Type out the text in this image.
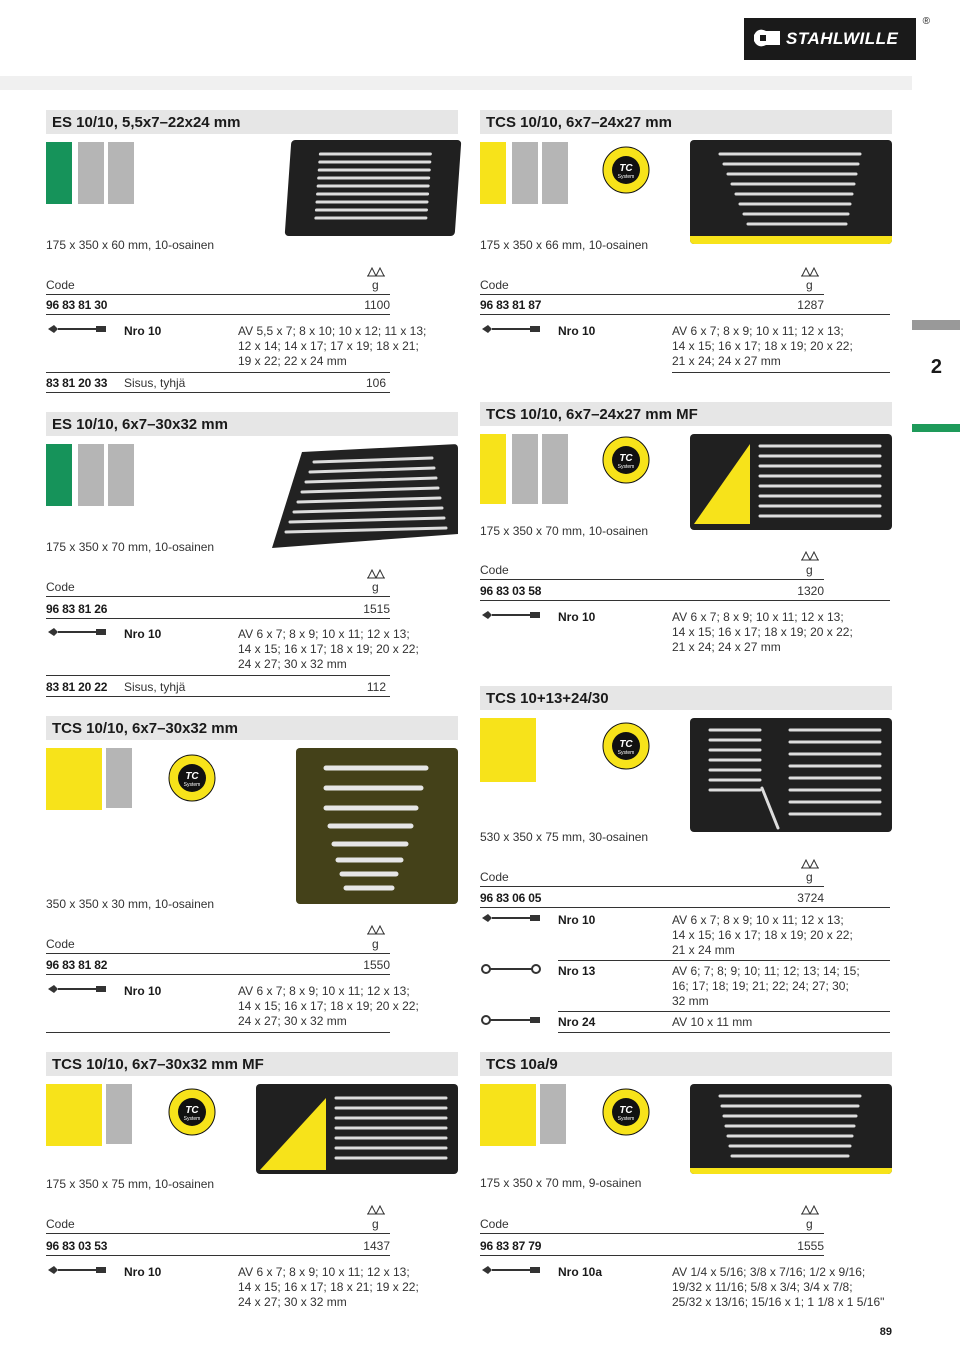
STAHLWILLE
®
2
ES 10/10, 5,5x7–22x24 mm
175 x 350 x 60 mm, 10-osainen
Code	g
96 83 81 30	1100
Nro 10	AV 5,5 x 7; 8 x 10; 10 x 12; 11 x 13;
12 x 14; 14 x 17; 17 x 19; 18 x 21;
19 x 22; 22 x 24 mm
83 81 20 33 Sisus, tyhjä	106
ES 10/10, 6x7–30x32 mm
175 x 350 x 70 mm, 10-osainen
Code	g
96 83 81 26	1515
Nro 10	AV 6 x 7; 8 x 9; 10 x 11; 12 x 13;
14 x 15; 16 x 17; 18 x 19; 20 x 22;
24 x 27; 30 x 32 mm
83 81 20 22 Sisus, tyhjä	112
TCS 10/10, 6x7–30x32 mm
TC
System
350 x 350 x 30 mm, 10-osainen
Code	g
96 83 81 82	1550
Nro 10	AV 6 x 7; 8 x 9; 10 x 11; 12 x 13;
14 x 15; 16 x 17; 18 x 19; 20 x 22;
24 x 27; 30 x 32 mm
TCS 10/10, 6x7–30x32 mm MF
TC
System
175 x 350 x 75 mm, 10-osainen
Code	g
96 83 03 53	1437
Nro 10	AV 6 x 7; 8 x 9; 10 x 11; 12 x 13;
14 x 15; 16 x 17; 18 x 21; 19 x 22;
24 x 27; 30 x 32 mm
TCS 10/10, 6x7–24x27 mm
TC
System
175 x 350 x 66 mm, 10-osainen
Code	g
96 83 81 87	1287
Nro 10	AV 6 x 7; 8 x 9; 10 x 11; 12 x 13;
14 x 15; 16 x 17; 18 x 19; 20 x 22;
21 x 24; 24 x 27 mm
TCS 10/10, 6x7–24x27 mm MF
TC
System
175 x 350 x 70 mm, 10-osainen
Code	g
96 83 03 58	1320
Nro 10	AV 6 x 7; 8 x 9; 10 x 11; 12 x 13;
14 x 15; 16 x 17; 18 x 19; 20 x 22;
21 x 24; 24 x 27 mm
TCS 10+13+24/30
TC
System
530 x 350 x 75 mm, 30-osainen
Code	g
96 83 06 05	3724
Nro 10	AV 6 x 7; 8 x 9; 10 x 11; 12 x 13;
14 x 15; 16 x 17; 18 x 19; 20 x 22;
21 x 24 mm
Nro 13	AV 6; 7; 8; 9; 10; 11; 12; 13; 14; 15;
16; 17; 18; 19; 21; 22; 24; 27; 30;
32 mm
Nro 24	AV 10 x 11 mm
TCS 10a/9
TC
System
175 x 350 x 70 mm, 9-osainen
Code	g
96 83 87 79	1555
Nro 10a	AV 1/4 x 5/16; 3/8 x 7/16; 1/2 x 9/16;
19/32 x 11/16; 5/8 x 3/4; 3/4 x 7/8;
25/32 x 13/16; 15/16 x 1; 1 1/8 x 1 5/16"
89
